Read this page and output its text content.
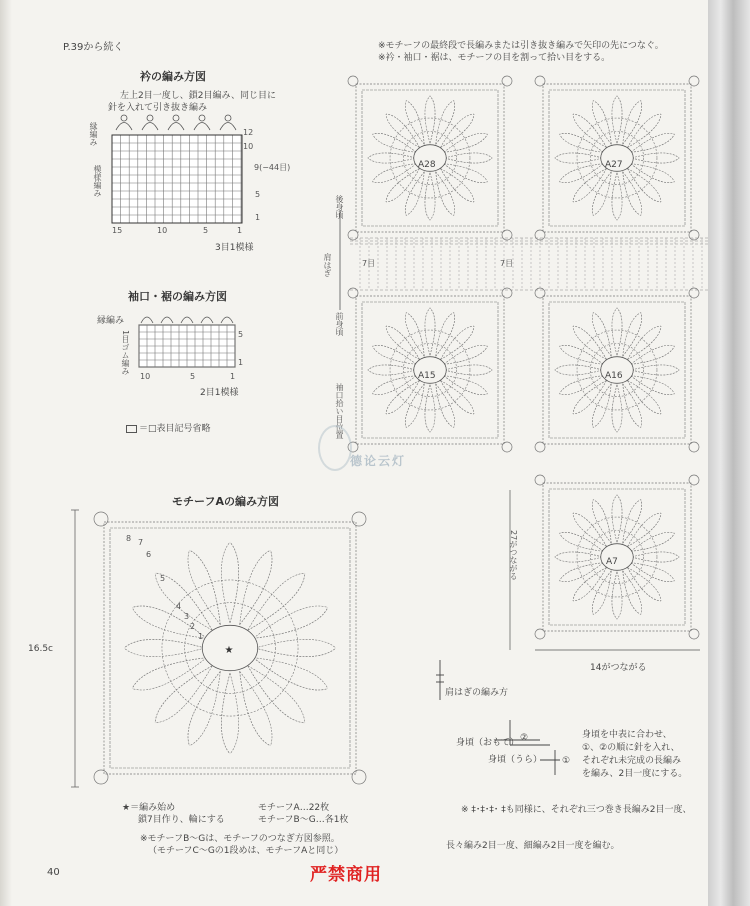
P.39から続く	※モチーフの最終段で長編みまたは引き抜き編みで矢印の先につなぐ。
※衿・袖口・裾は、モチーフの目を割って拾い目をする。
衿の編み方図
左上2目一度し、鎖2目編み、同じ目に
針を入れて引き抜き編み
縁編み
模様編み
12
10
9(−44目)
5
1
15	10	5	1
3目1模様
袖口・裾の編み方図
縁編み
1目ゴム編み	5
1
10	5	1
2目1模様
＝□表目記号省略
モチーフAの編み方図
★
16.5c
7
6
5
4
3
2
1
8
★＝編み始め
鎖7目作り、輪にする
モチーフA…22枚
モチーフB〜G…各1枚
※モチーフB〜Gは、モチーフのつなぎ方図参照。
（モチーフC〜Gの1段めは、モチーフAと同じ）
後身頃
肩はぎ
前身頃
袖口拾い目位置
7目	7目
27がつながる
14がつながる
A28	A27
A15	A16
A7
德论云灯
肩はぎの編み方
身頃（おもて） ②
身頃（うら） ①
身頃を中表に合わせ、
①、②の順に針を入れ、
それぞれ未完成の長編み
を編み、2目一度にする。
※ ‡･‡･‡･ ‡も同様に、それぞれ三つ巻き長編み2目一度、
長々編み2目一度、細編み2目一度を編む。
严禁商用
40
